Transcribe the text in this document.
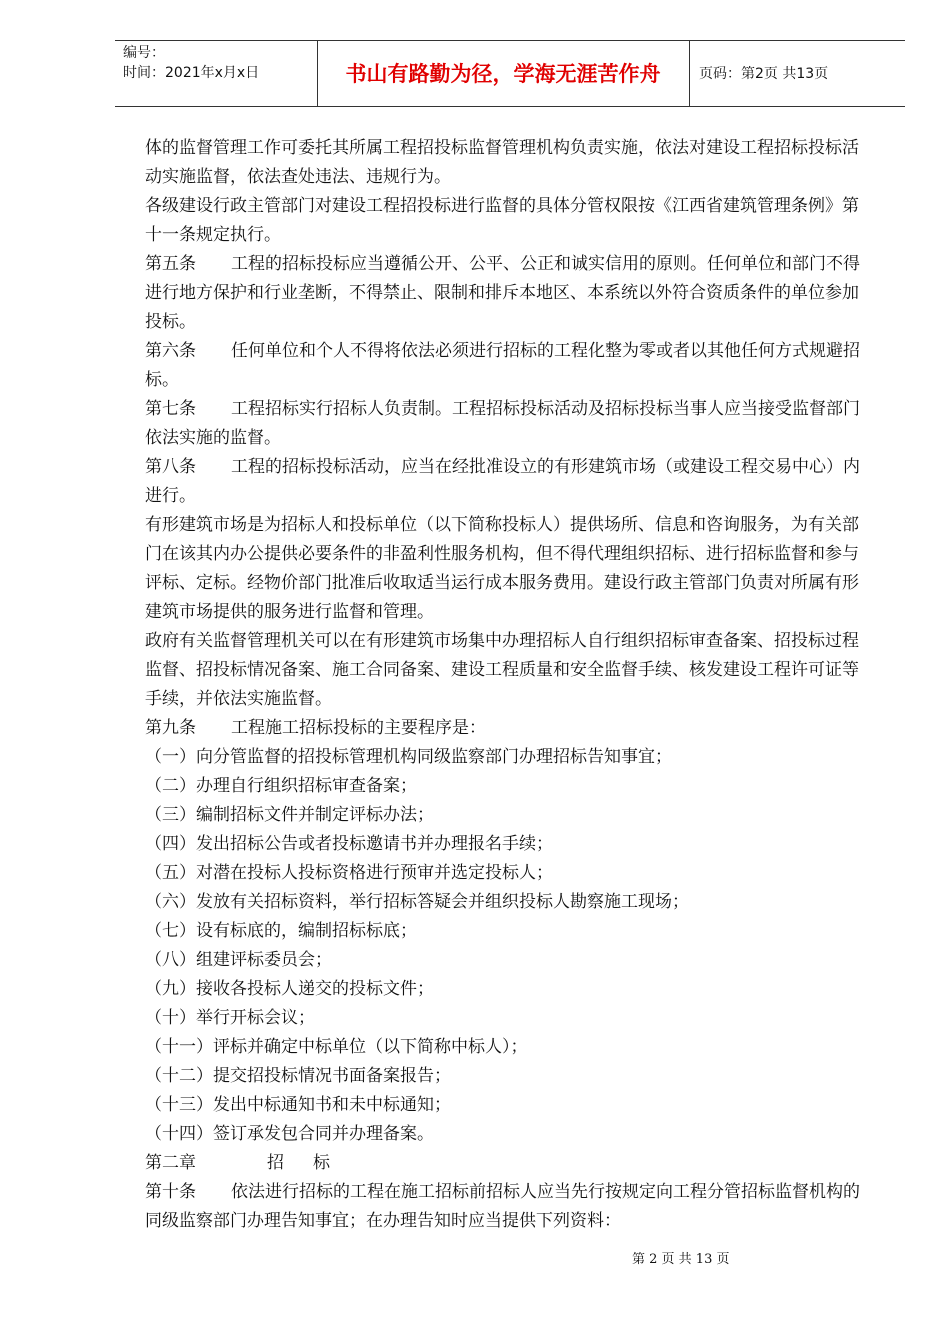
编号：
时间：2021年x月x日	书山有路勤为径，学海无涯苦作舟	页码：第2页 共13页

体的监督管理工作可委托其所属工程招投标监督管理机构负责实施，依法对建设工程招标投标活动实施监督，依法查处违法、违规行为。

各级建设行政主管部门对建设工程招投标进行监督的具体分管权限按《江西省建筑管理条例》第十一条规定执行。

第五条 工程的招标投标应当遵循公开、公平、公正和诚实信用的原则。任何单位和部门不得进行地方保护和行业垄断，不得禁止、限制和排斥本地区、本系统以外符合资质条件的单位参加投标。

第六条 任何单位和个人不得将依法必须进行招标的工程化整为零或者以其他任何方式规避招标。

第七条 工程招标实行招标人负责制。工程招标投标活动及招标投标当事人应当接受监督部门依法实施的监督。

第八条 工程的招标投标活动，应当在经批准设立的有形建筑市场（或建设工程交易中心）内进行。

有形建筑市场是为招标人和投标单位（以下简称投标人）提供场所、信息和咨询服务，为有关部门在该其内办公提供必要条件的非盈利性服务机构，但不得代理组织招标、进行招标监督和参与评标、定标。经物价部门批准后收取适当运行成本服务费用。建设行政主管部门负责对所属有形建筑市场提供的服务进行监督和管理。

政府有关监督管理机关可以在有形建筑市场集中办理招标人自行组织招标审查备案、招投标过程监督、招投标情况备案、施工合同备案、建设工程质量和安全监督手续、核发建设工程许可证等手续，并依法实施监督。

第九条 工程施工招标投标的主要程序是：

（一）向分管监督的招投标管理机构同级监察部门办理招标告知事宜；

（二）办理自行组织招标审查备案；

（三）编制招标文件并制定评标办法；

（四）发出招标公告或者投标邀请书并办理报名手续；

（五）对潜在投标人投标资格进行预审并选定投标人；

（六）发放有关招标资料，举行招标答疑会并组织投标人勘察施工现场；

（七）设有标底的，编制招标标底；

（八）组建评标委员会；

（九）接收各投标人递交的投标文件；

（十）举行开标会议；

（十一）评标并确定中标单位（以下简称中标人）；

（十二）提交招投标情况书面备案报告；

（十三）发出中标通知书和未中标通知；

（十四）签订承发包合同并办理备案。

第二章	招 标

第十条 依法进行招标的工程在施工招标前招标人应当先行按规定向工程分管招标监督机构的同级监察部门办理告知事宜；在办理告知时应当提供下列资料：

第 2 页 共 13 页
